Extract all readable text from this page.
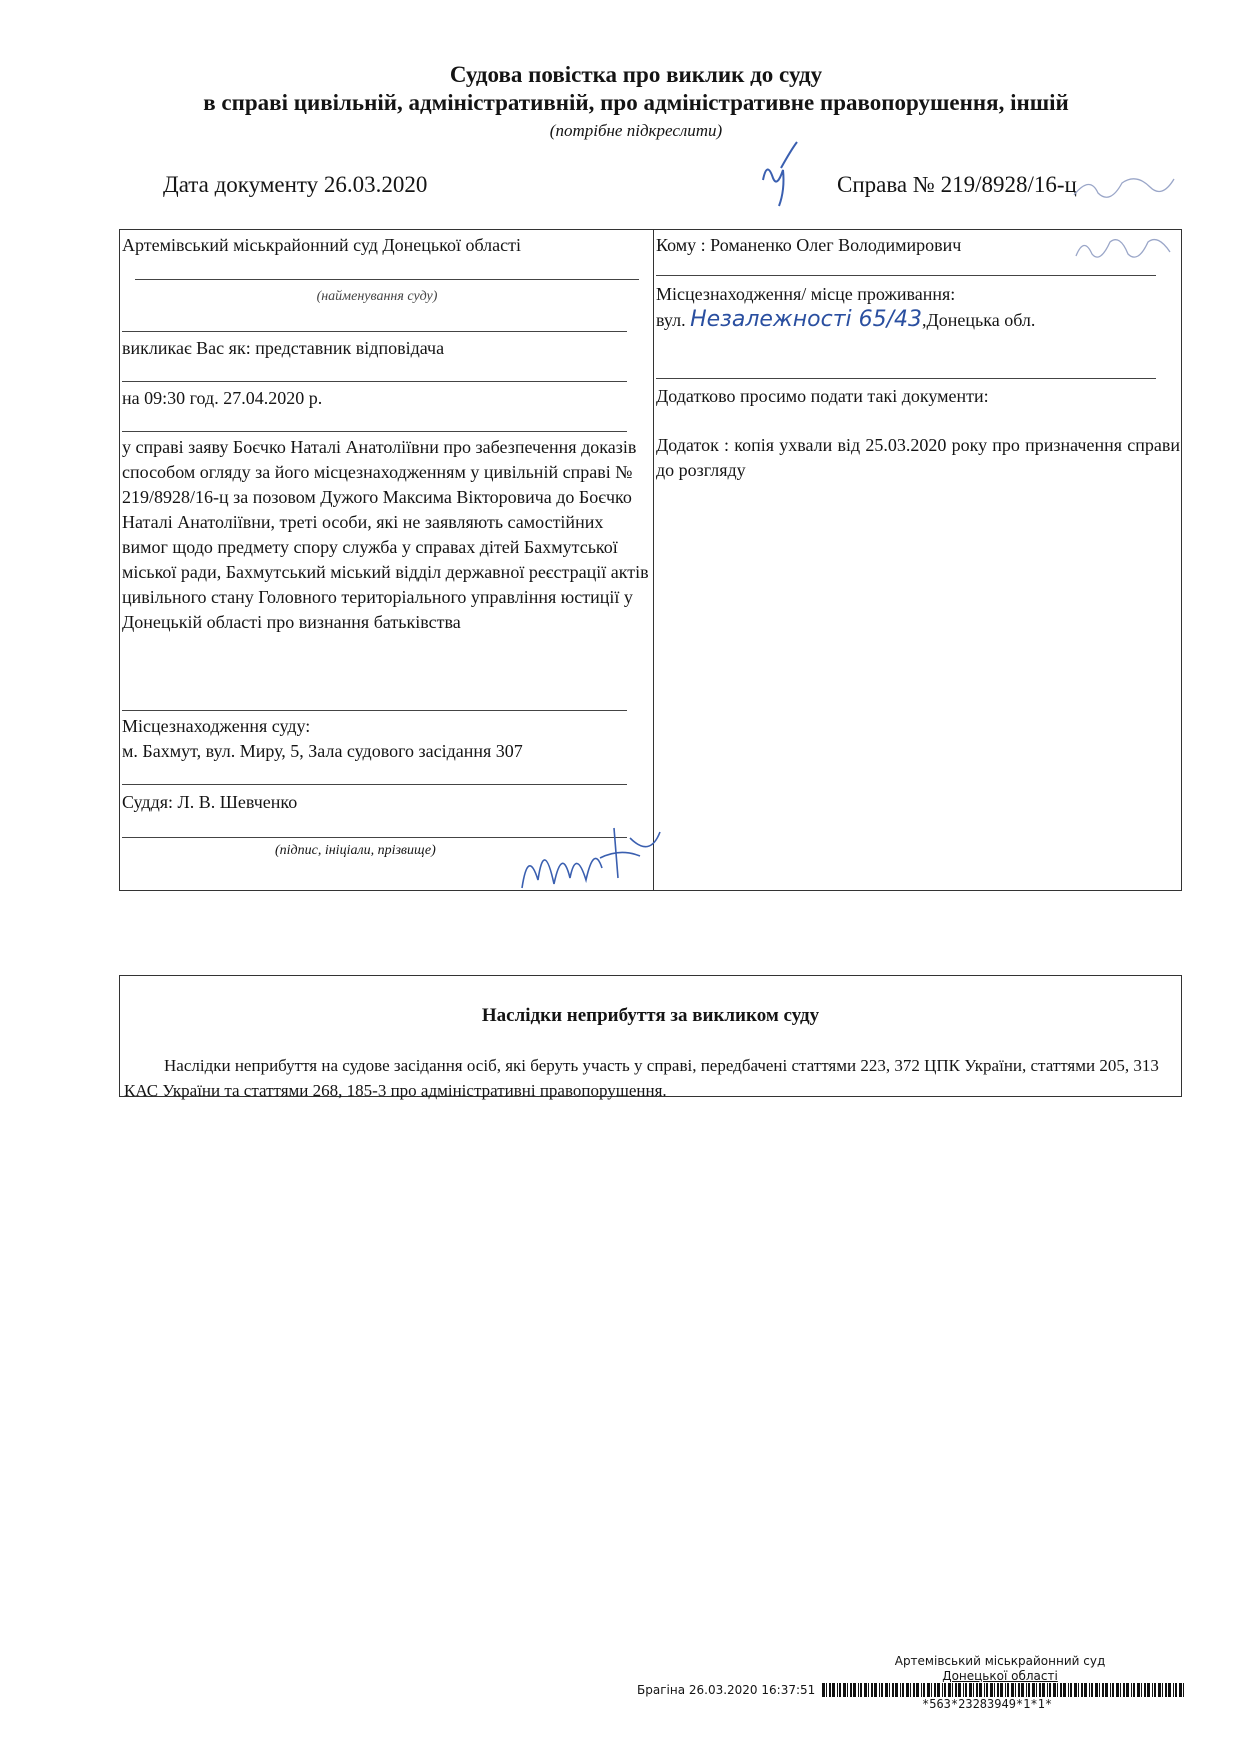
Судова повістка про виклик до суду
в справі цивільній, адміністративній, про адміністративне правопорушення, іншій
(потрібне підкреслити)
Дата документу 26.03.2020	Справа № 219/8928/16-ц
Артемівський міськрайонний суд Донецької області
(найменування суду)
викликає Вас як: представник відповідача
на 09:30 год. 27.04.2020 р.
у справі заяву Боєчко Наталі Анатоліївни про забезпечення доказів способом огляду за його місцезнаходженням у цивільній справі № 219/8928/16-ц за позовом Дужого Максима Вікторовича до Боєчко Наталі Анатоліївни, треті особи, які не заявляють самостійних вимог щодо предмету спору служба у справах дітей Бахмутської міської ради, Бахмутський міський відділ державної реєстрації актів цивільного стану Головного територіального управління юстиції у Донецькій області про визнання батьківства
Місцезнаходження суду:
м. Бахмут, вул. Миру, 5, Зала судового засідання 307
Суддя: Л. В. Шевченко
(підпис, ініціали, прізвище)
Кому : Романенко Олег Володимирович
Місцезнаходження/ місце проживання:
вул. Незалежності 65/43,Донецька обл.
Додатково просимо подати такі документи:
Додаток : копія ухвали від 25.03.2020 року про призначення справи до розгляду
Наслідки неприбуття за викликом суду
Наслідки неприбуття на судове засідання осіб, які беруть участь у справі, передбачені статтями 223, 372 ЦПК України, статтями 205, 313 КАС України та статтями 268, 185-3 про адміністративні правопорушення.
Артемівський міськрайонний суд
Донецької області
Брагіна 26.03.2020 16:37:51
*563*23283949*1*1*
